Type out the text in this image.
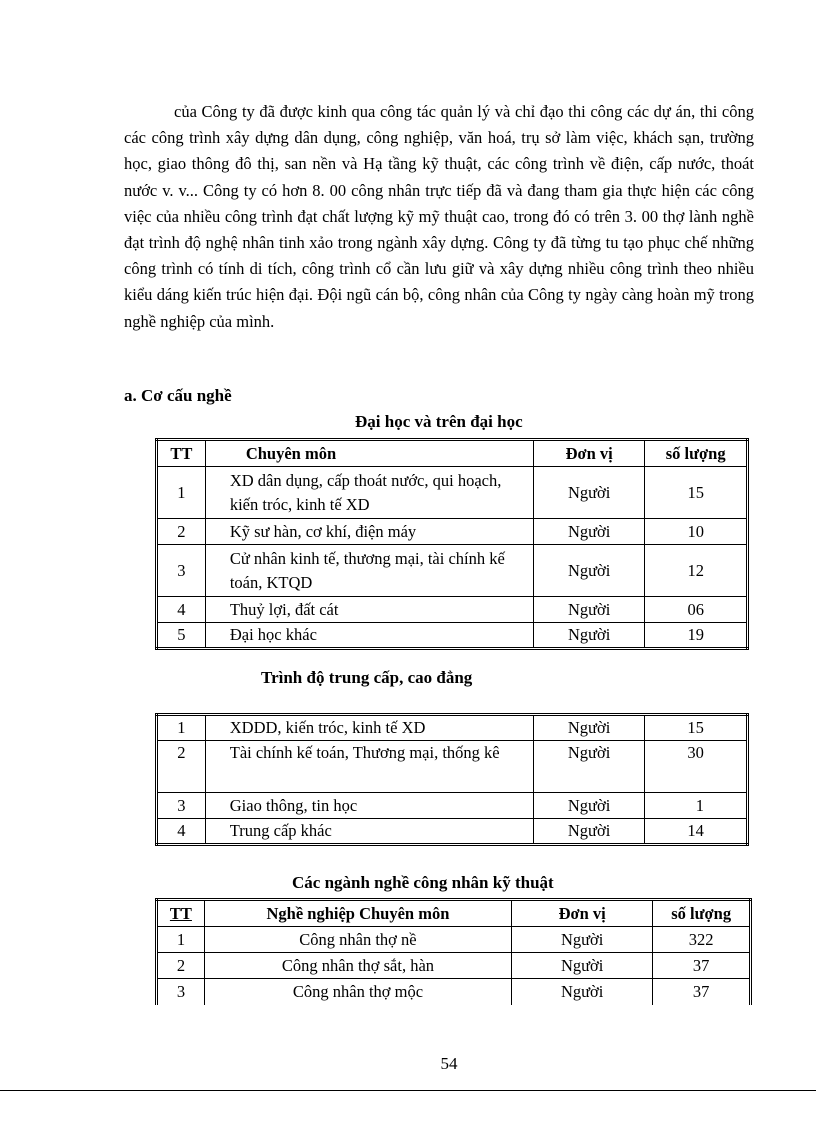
của Công ty đã được kinh qua công tác quản lý và chỉ đạo thi công các dự án, thi công các công trình xây dựng dân dụng, công nghiệp, văn hoá, trụ sở làm việc, khách sạn, trường học, giao thông đô thị, san nền và Hạ tầng kỹ thuật, các công trình về điện, cấp nước, thoát nước v. v... Công ty có hơn 8. 00 công nhân trực tiếp đã và đang tham gia thực hiện các công việc của nhiều công trình đạt chất lượng kỹ mỹ thuật cao, trong đó có trên 3. 00 thợ lành nghề đạt trình độ nghệ nhân tinh xảo trong ngành xây dựng. Công ty đã từng tu tạo phục chế những công trình có tính di tích, công trình cổ cần lưu giữ và xây dựng nhiều công trình theo nhiều kiểu dáng kiến trúc hiện đại. Đội ngũ cán bộ, công nhân của Công ty ngày càng hoàn mỹ trong nghề nghiệp của mình.

a. Cơ cấu nghề
Đại học và trên đại học
TT	Chuyên môn	Đơn vị	số lượng
1	XD dân dụng, cấp thoát nước, qui hoạch, kiến tróc, kinh tế XD	Người	15
2	Kỹ sư hàn, cơ khí, điện máy	Người	10
3	Cử nhân kinh tế, thương mại, tài chính kế toán, KTQD	Người	12
4	Thuỷ lợi, đất cát	Người	06
5	Đại học khác	Người	19
Trình độ trung cấp, cao đẳng
1	XDDD, kiến tróc, kinh tế XD	Người	15
2	Tài chính kế toán, Thương mại, thống kê	Người	30
3	Giao thông, tin học	Người	1
4	Trung cấp khác	Người	14
Các ngành nghề công nhân kỹ thuật
TT	Nghề nghiệp Chuyên môn	Đơn vị	số lượng
1	Công nhân thợ nề	Người	322
2	Công nhân thợ sắt, hàn	Người	37
3	Công nhân thợ mộc	Người	37
54
